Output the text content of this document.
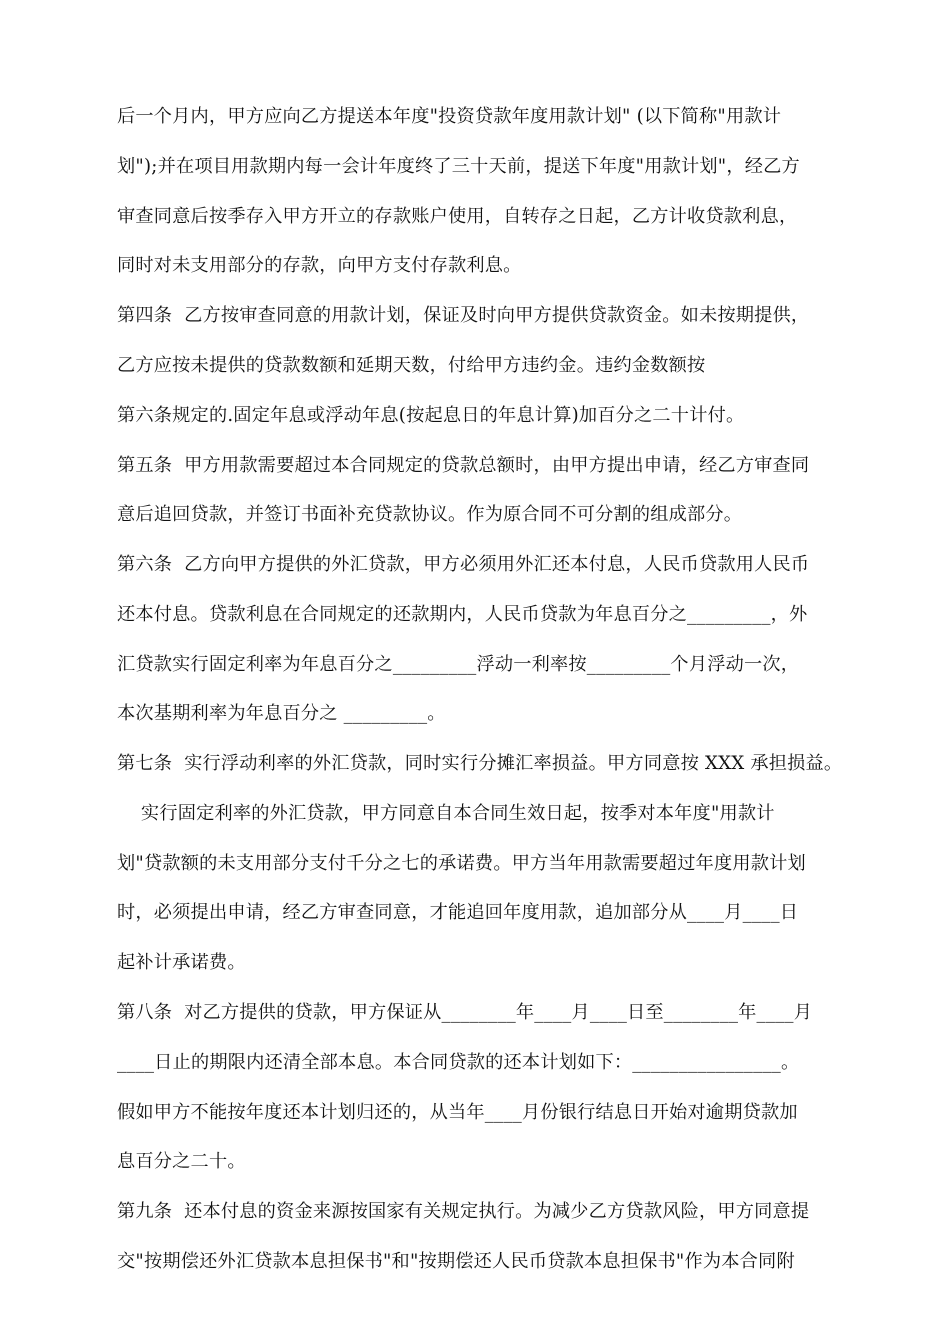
后一个月内，甲方应向乙方提送本年度"投资贷款年度用款计划" (以下简称"用款计
划");并在项目用款期内每一会计年度终了三十天前，提送下年度"用款计划"，经乙方
审查同意后按季存入甲方开立的存款账户使用，自转存之日起，乙方计收贷款利息，
同时对未支用部分的存款，向甲方支付存款利息。
第四条  乙方按审查同意的用款计划，保证及时向甲方提供贷款资金。如未按期提供，
乙方应按未提供的贷款数额和延期天数，付给甲方违约金。违约金数额按
第六条规定的.固定年息或浮动年息(按起息日的年息计算)加百分之二十计付。
第五条  甲方用款需要超过本合同规定的贷款总额时，由甲方提出申请，经乙方审查同
意后追回贷款，并签订书面补充贷款协议。作为原合同不可分割的组成部分。
第六条  乙方向甲方提供的外汇贷款，甲方必须用外汇还本付息，人民币贷款用人民币
还本付息。贷款利息在合同规定的还款期内，人民币贷款为年息百分之_________，外
汇贷款实行固定利率为年息百分之_________浮动一利率按_________个月浮动一次，
本次基期利率为年息百分之 _________。
第七条  实行浮动利率的外汇贷款，同时实行分摊汇率损益。甲方同意按 XXX 承担损益。
实行固定利率的外汇贷款，甲方同意自本合同生效日起，按季对本年度"用款计
划"贷款额的未支用部分支付千分之七的承诺费。甲方当年用款需要超过年度用款计划
时，必须提出申请，经乙方审查同意，才能追回年度用款，追加部分从____月____日
起补计承诺费。
第八条  对乙方提供的贷款，甲方保证从________年____月____日至________年____月
____日止的期限内还清全部本息。本合同贷款的还本计划如下：________________。
假如甲方不能按年度还本计划归还的，从当年____月份银行结息日开始对逾期贷款加
息百分之二十。
第九条  还本付息的资金来源按国家有关规定执行。为减少乙方贷款风险，甲方同意提
交"按期偿还外汇贷款本息担保书"和"按期偿还人民币贷款本息担保书"作为本合同附
